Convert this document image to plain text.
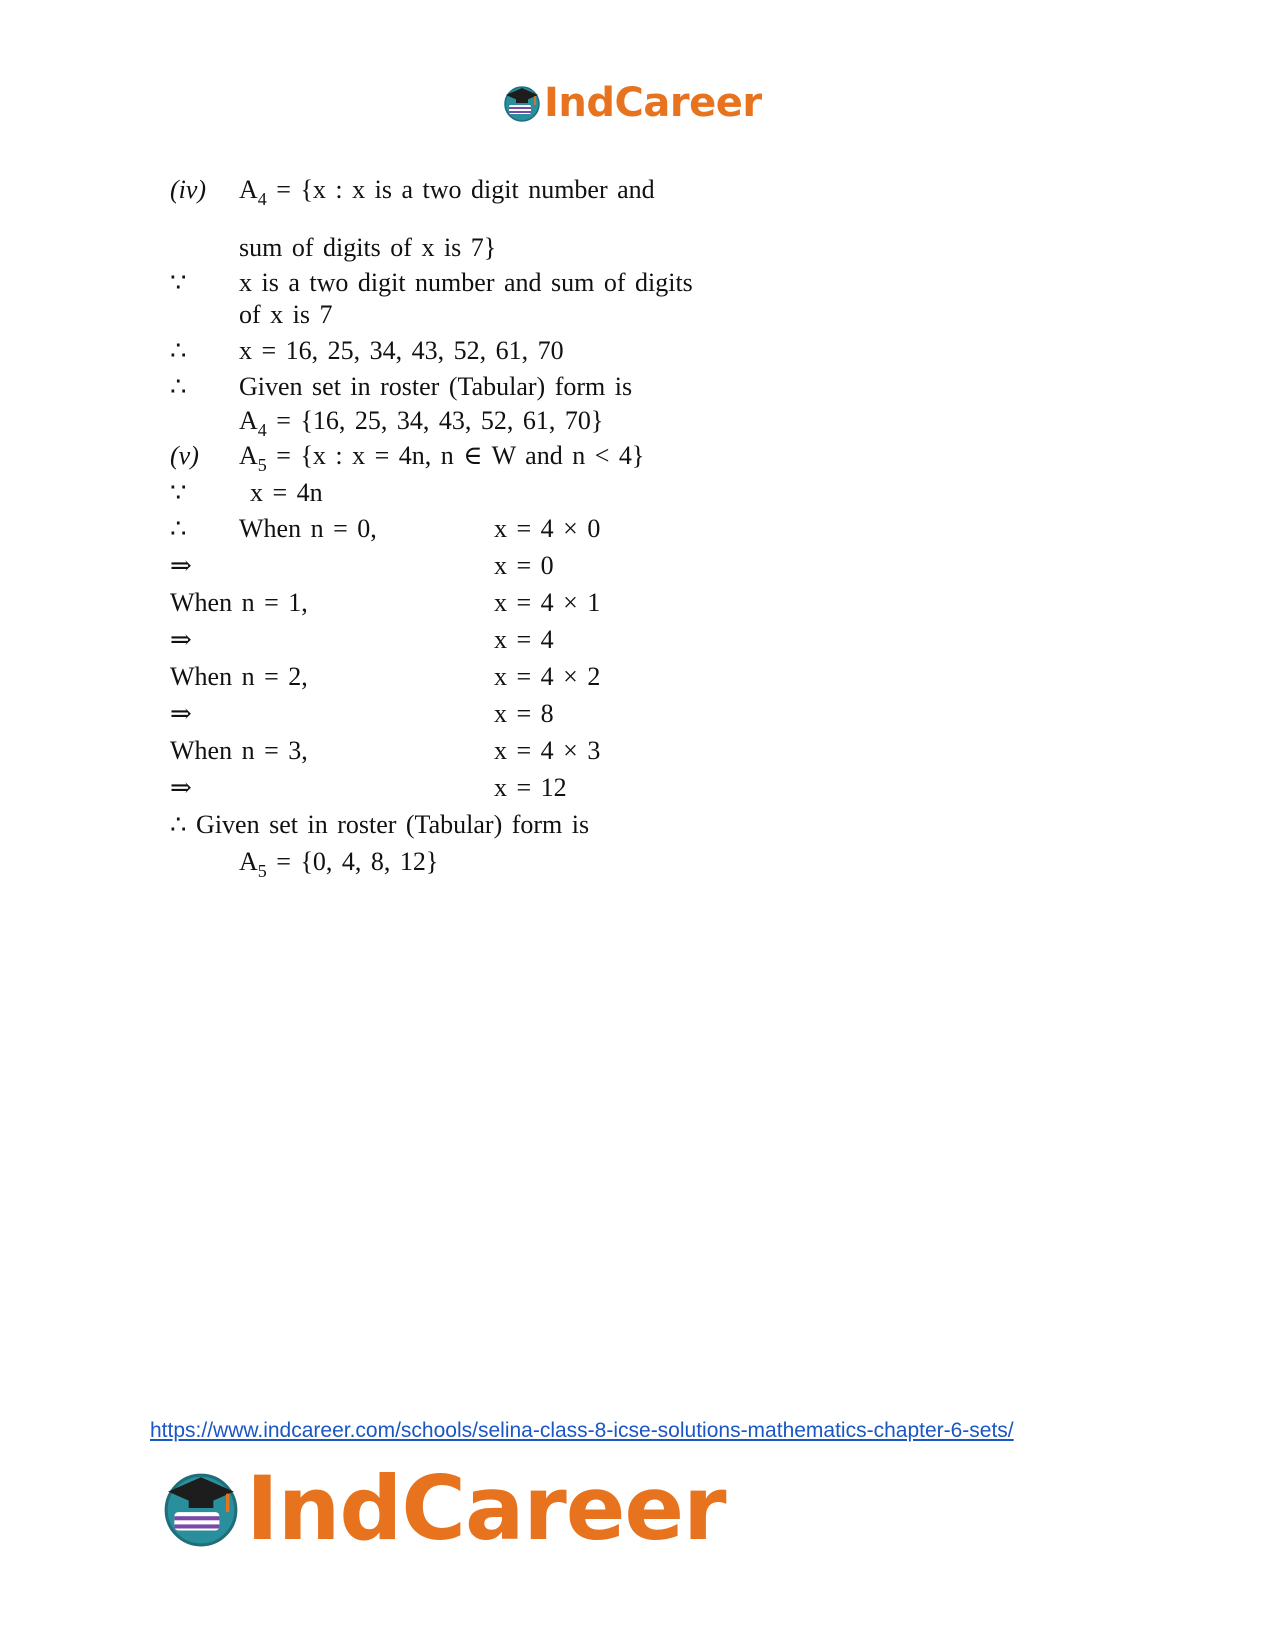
IndCareer
(iv) $A_4 = \{x$ : x is a two digit number and
sum of digits of x is 7}
∵ x is a two digit number and sum of digits
of x is 7
∴ x = 16, 25, 34, 43, 52, 61, 70
∴ Given set in roster (Tabular) form is
$A_4 = \{16$, 25, 34, 43, 52, 61, 70}
(v) $A_5 = \{x$ : x = 4n, n ∈ W and n < 4}
∵ x = 4n
∴ When n = 0,	x = 4 × 0
⇒	x = 0
When n = 1,	x = 4 × 1
⇒	x = 4
When n = 2,	x = 4 × 2
⇒	x = 8
When n = 3,	x = 4 × 3
⇒	x = 12
∴ Given set in roster (Tabular) form is
$A_5 = \{0$, 4, 8, 12}
https://www.indcareer.com/schools/selina-class-8-icse-solutions-mathematics-chapter-6-sets/
IndCareer
